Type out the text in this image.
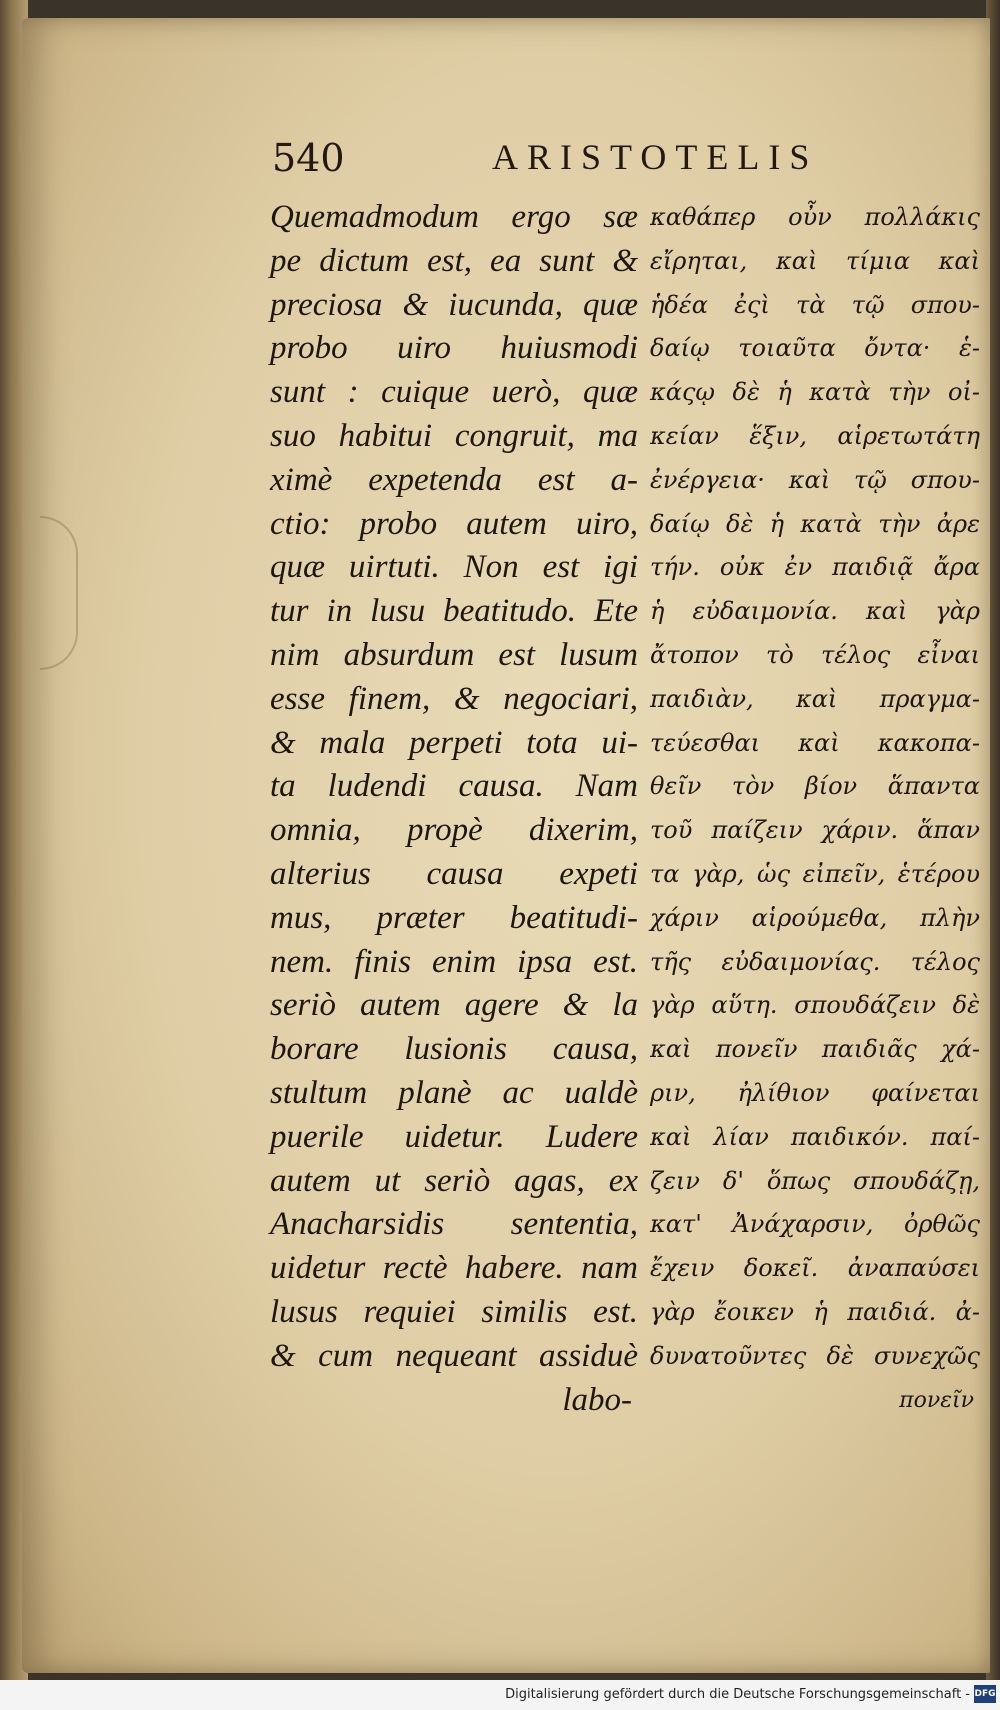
540	ARISTOTELIS
Quemadmodum ergo sæ
pe dictum est, ea sunt &
preciosa & iucunda, quæ
probo uiro huiusmodi
sunt : cuique uerò, quæ
suo habitui congruit, ma
ximè expetenda est a-
ctio: probo autem uiro,
quæ uirtuti. Non est igi
tur in lusu beatitudo. Ete
nim absurdum est lusum
esse finem, & negociari,
& mala perpeti tota ui-
ta ludendi causa. Nam
omnia, propè dixerim,
alterius causa expeti
mus, præter beatitudi-
nem. finis enim ipsa est.
seriò autem agere & la
borare lusionis causa,
stultum planè ac ualdè
puerile uidetur. Ludere
autem ut seriò agas, ex
Anacharsidis sententia,
uidetur rectè habere. nam
lusus requiei similis est.
& cum nequeant assiduè
labo-
καθάπερ οὖν πολλάκις
εἴρηται, καὶ τίμια καὶ
ἡδέα ἐςὶ τὰ τῷ σπου-
δαίῳ τοιαῦτα ὄντα· ἑ-
κάςῳ δὲ ἡ κατὰ τὴν οἰ-
κείαν ἕξιν, αἱρετωτάτη
ἐνέργεια· καὶ τῷ σπου-
δαίῳ δὲ ἡ κατὰ τὴν ἀρε
τήν. οὐκ ἐν παιδιᾷ ἄρα
ἡ εὐδαιμονία. καὶ γὰρ
ἄτοπον τὸ τέλος εἶναι
παιδιὰν, καὶ πραγμα-
τεύεσθαι καὶ κακοπα-
θεῖν τὸν βίον ἅπαντα
τοῦ παίζειν χάριν. ἅπαν
τα γὰρ, ὡς εἰπεῖν, ἑτέρου
χάριν αἱρούμεθα, πλὴν
τῆς εὐδαιμονίας. τέλος
γὰρ αὕτη. σπουδάζειν δὲ
καὶ πονεῖν παιδιᾶς χά-
ριν, ἠλίθιον φαίνεται
καὶ λίαν παιδικόν. παί-
ζειν δ' ὅπως σπουδάζῃ,
κατ' Ἀνάχαρσιν, ὀρθῶς
ἔχειν δοκεῖ. ἀναπαύσει
γὰρ ἔοικεν ἡ παιδιά. ἀ-
δυνατοῦντες δὲ συνεχῶς
πονεῖν
Digitalisierung gefördert durch die Deutsche Forschungsgemeinschaft - DFG
